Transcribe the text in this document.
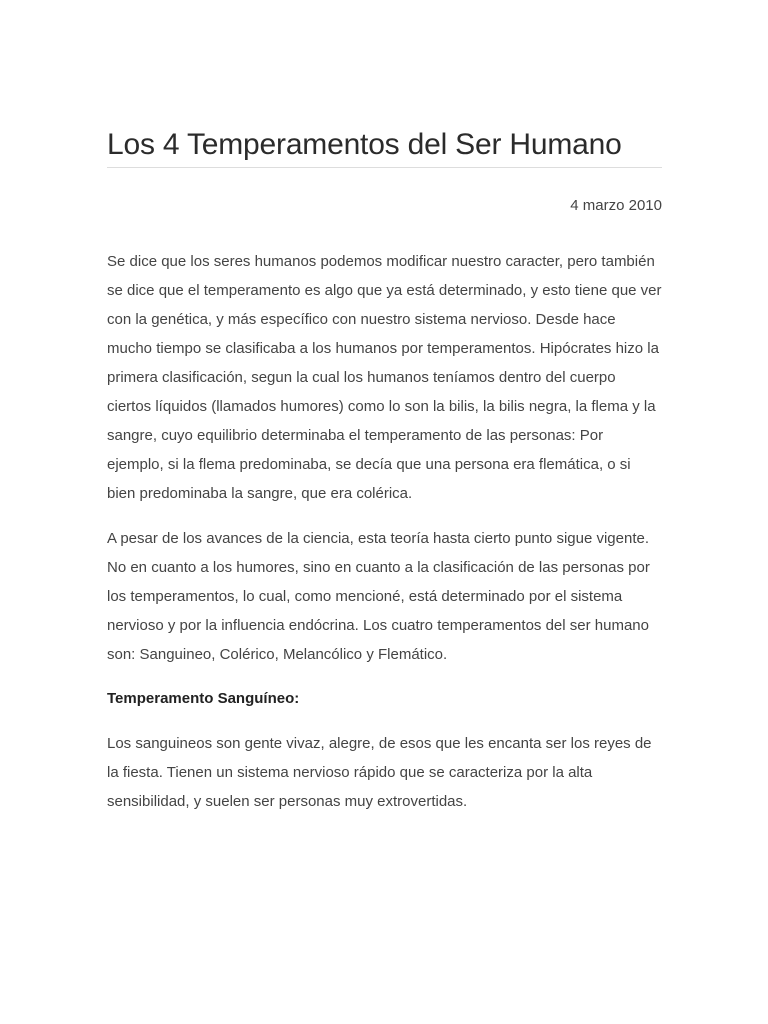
Los 4 Temperamentos del Ser Humano
4 marzo 2010

Se dice que los seres humanos podemos modificar nuestro caracter, pero también se dice que el temperamento es algo que ya está determinado, y esto tiene que ver con la genética, y más específico con nuestro sistema nervioso. Desde hace mucho tiempo se clasificaba a los humanos por temperamentos. Hipócrates hizo la primera clasificación, segun la cual los humanos teníamos dentro del cuerpo ciertos líquidos (llamados humores) como lo son la bilis, la bilis negra, la flema y la sangre, cuyo equilibrio determinaba el temperamento de las personas: Por ejemplo, si la flema predominaba, se decía que una persona era flemática, o si bien predominaba la sangre, que era colérica.

A pesar de los avances de la ciencia, esta teoría hasta cierto punto sigue vigente. No en cuanto a los humores, sino en cuanto a la clasificación de las personas por los temperamentos, lo cual, como mencioné, está determinado por el sistema nervioso y por la influencia endócrina. Los cuatro temperamentos del ser humano son: Sanguineo, Colérico, Melancólico y Flemático.

Temperamento Sanguíneo:

Los sanguineos son gente vivaz, alegre, de esos que les encanta ser los reyes de la fiesta. Tienen un sistema nervioso rápido que se caracteriza por la alta sensibilidad, y suelen ser personas muy extrovertidas.
